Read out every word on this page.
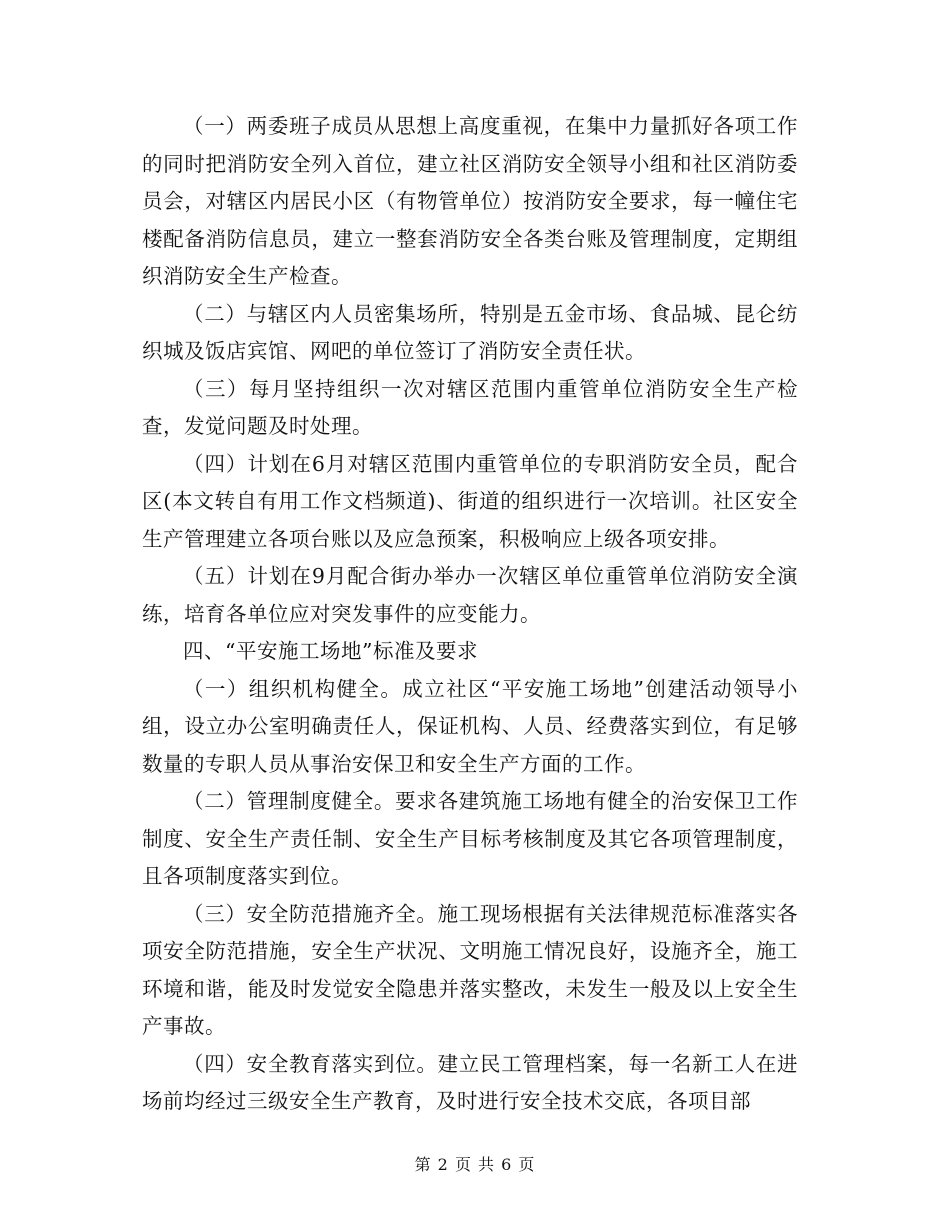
（一）两委班子成员从思想上高度重视，在集中力量抓好各项工作的同时把消防安全列入首位，建立社区消防安全领导小组和社区消防委员会，对辖区内居民小区（有物管单位）按消防安全要求，每一幢住宅楼配备消防信息员，建立一整套消防安全各类台账及管理制度，定期组织消防安全生产检查。

（二）与辖区内人员密集场所，特别是五金市场、食品城、昆仑纺织城及饭店宾馆、网吧的单位签订了消防安全责任状。

（三）每月坚持组织一次对辖区范围内重管单位消防安全生产检查，发觉问题及时处理。

（四）计划在6月对辖区范围内重管单位的专职消防安全员，配合区(本文转自有用工作文档频道)、街道的组织进行一次培训。社区安全生产管理建立各项台账以及应急预案，积极响应上级各项安排。

（五）计划在9月配合街办举办一次辖区单位重管单位消防安全演练，培育各单位应对突发事件的应变能力。

四、“平安施工场地”标准及要求

（一）组织机构健全。成立社区“平安施工场地”创建活动领导小组，设立办公室明确责任人，保证机构、人员、经费落实到位，有足够数量的专职人员从事治安保卫和安全生产方面的工作。

（二）管理制度健全。要求各建筑施工场地有健全的治安保卫工作制度、安全生产责任制、安全生产目标考核制度及其它各项管理制度，且各项制度落实到位。

（三）安全防范措施齐全。施工现场根据有关法律规范标准落实各项安全防范措施，安全生产状况、文明施工情况良好，设施齐全，施工环境和谐，能及时发觉安全隐患并落实整改，未发生一般及以上安全生产事故。

（四）安全教育落实到位。建立民工管理档案，每一名新工人在进场前均经过三级安全生产教育，及时进行安全技术交底，各项目部

第 2 页 共 6 页
